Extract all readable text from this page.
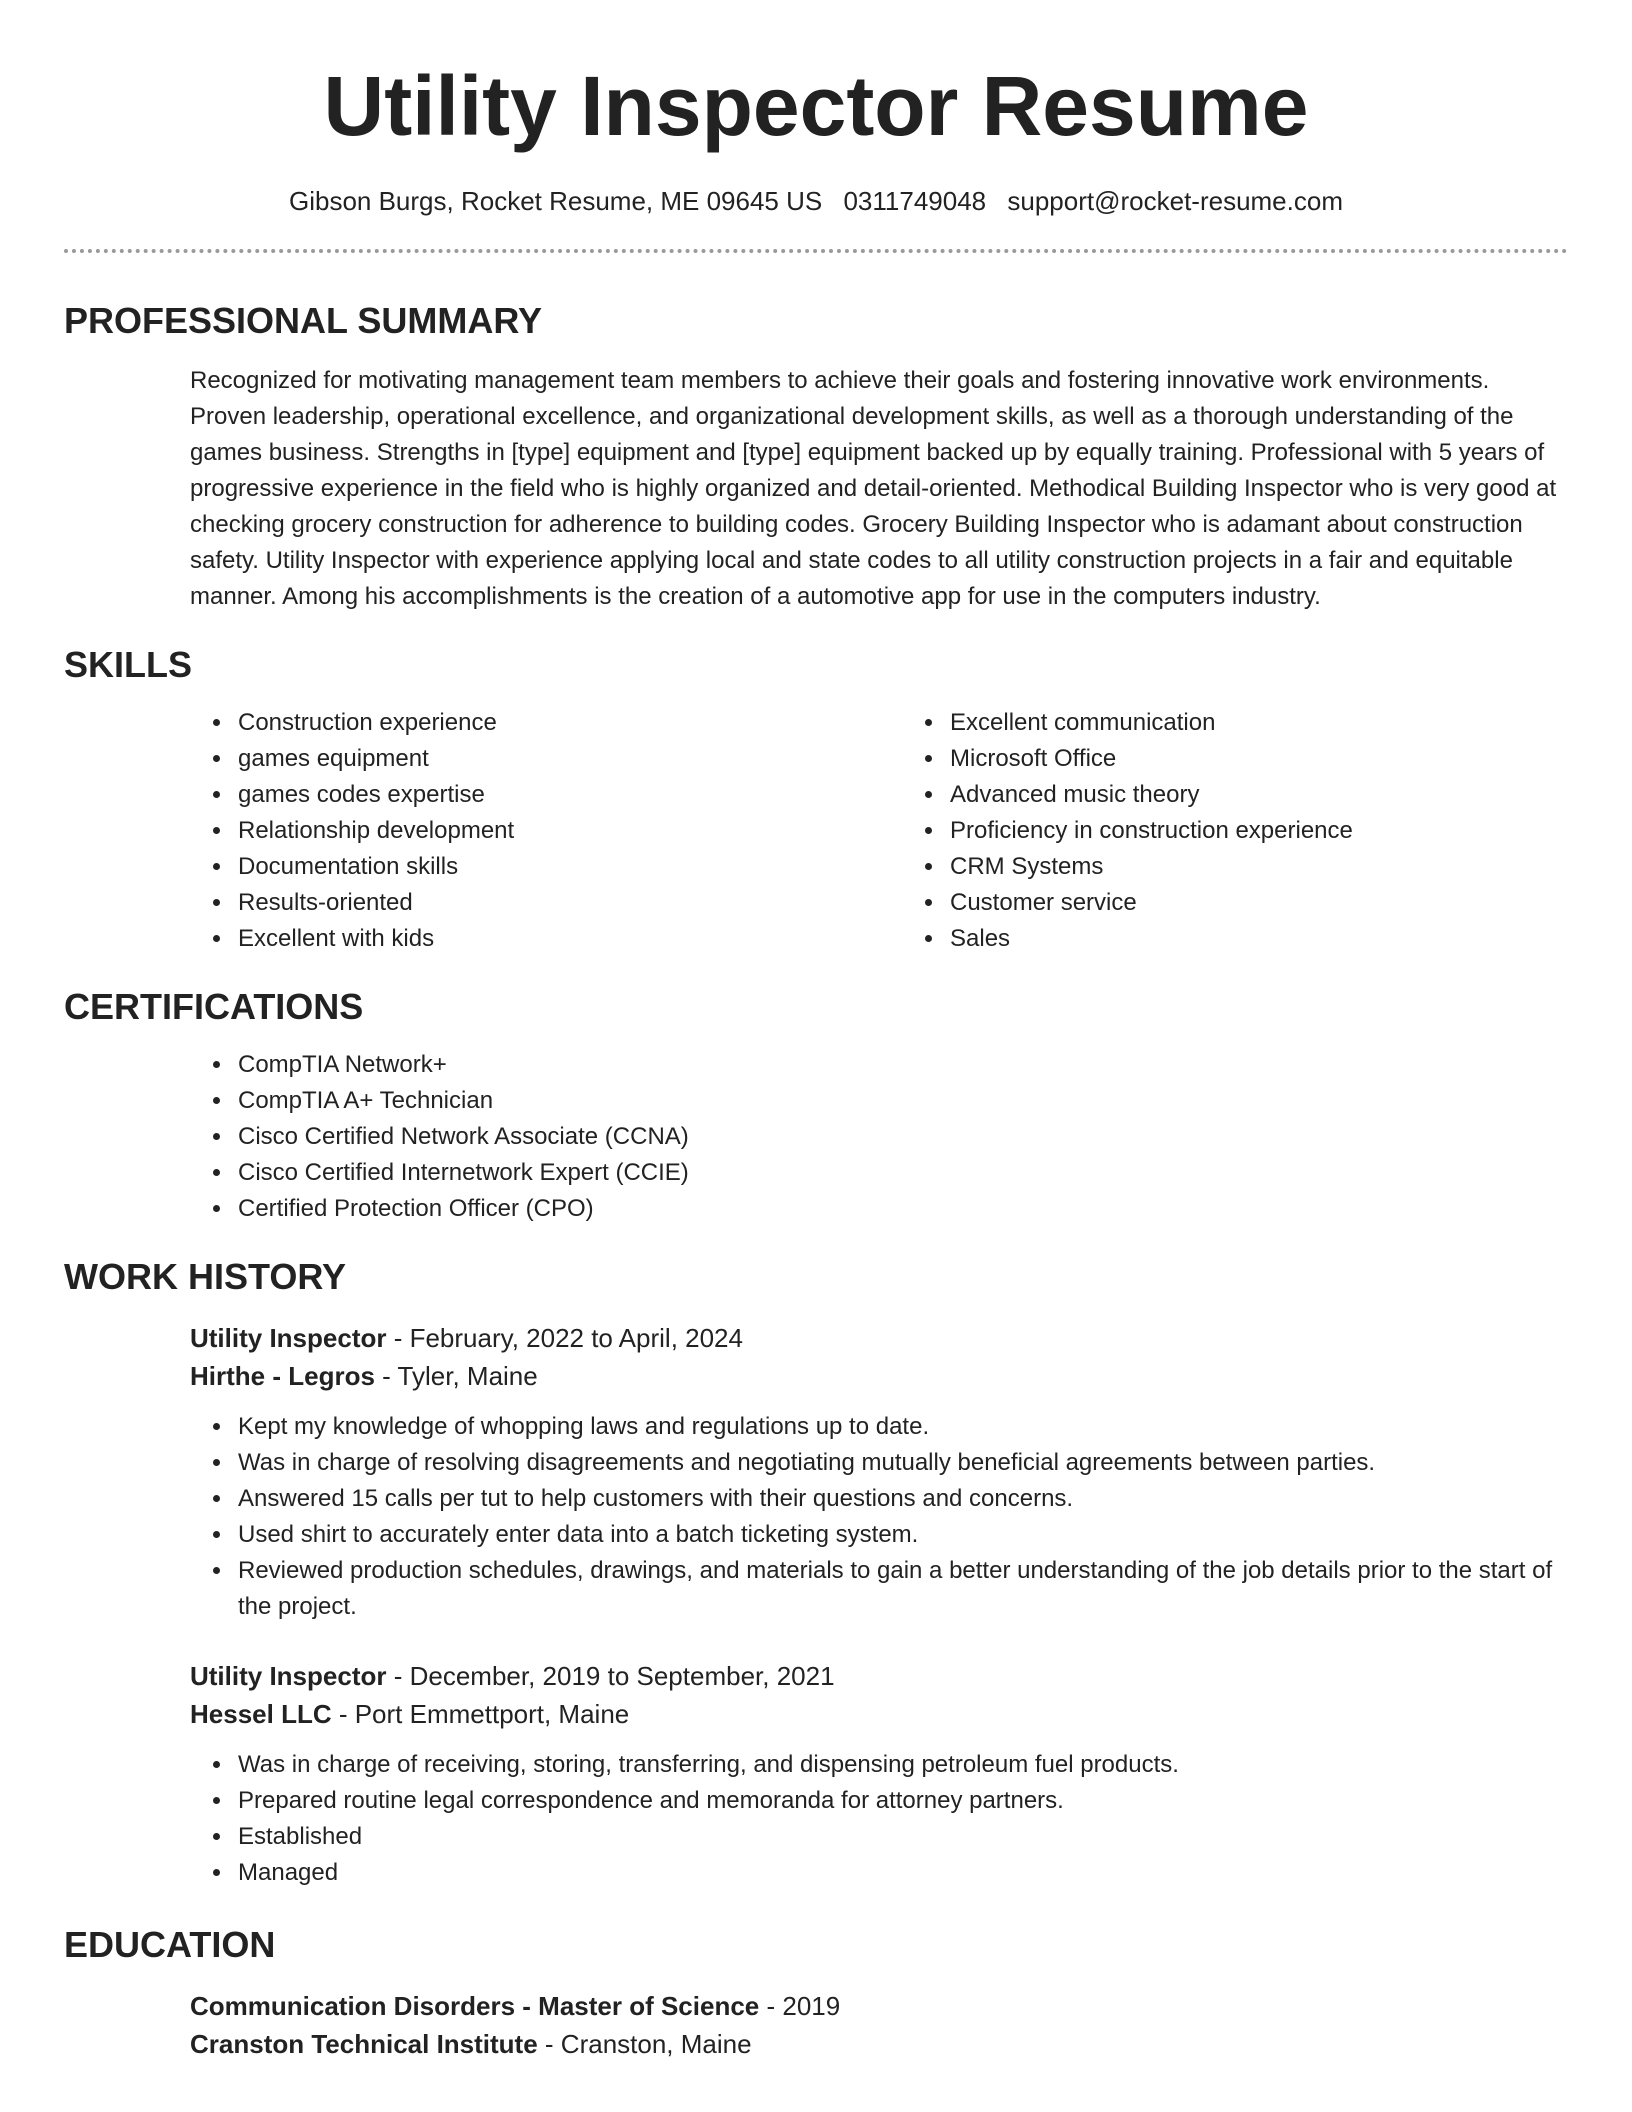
Utility Inspector Resume
Gibson Burgs, Rocket Resume, ME 09645 US 0311749048 support@rocket-resume.com
PROFESSIONAL SUMMARY

Recognized for motivating management team members to achieve their goals and fostering innovative work environments. Proven leadership, operational excellence, and organizational development skills, as well as a thorough understanding of the games business. Strengths in [type] equipment and [type] equipment backed up by equally training. Professional with 5 years of progressive experience in the field who is highly organized and detail-oriented. Methodical Building Inspector who is very good at checking grocery construction for adherence to building codes. Grocery Building Inspector who is adamant about construction safety. Utility Inspector with experience applying local and state codes to all utility construction projects in a fair and equitable manner. Among his accomplishments is the creation of a automotive app for use in the computers industry.

SKILLS
• Construction experience
• games equipment
• games codes expertise
• Relationship development
• Documentation skills
• Results-oriented
• Excellent with kids
• Excellent communication
• Microsoft Office
• Advanced music theory
• Proficiency in construction experience
• CRM Systems
• Customer service
• Sales
CERTIFICATIONS
• CompTIA Network+
• CompTIA A+ Technician
• Cisco Certified Network Associate (CCNA)
• Cisco Certified Internetwork Expert (CCIE)
• Certified Protection Officer (CPO)
WORK HISTORY
Utility Inspector - February, 2022 to April, 2024
Hirthe - Legros - Tyler, Maine
• Kept my knowledge of whopping laws and regulations up to date.
• Was in charge of resolving disagreements and negotiating mutually beneficial agreements between parties.
• Answered 15 calls per tut to help customers with their questions and concerns.
• Used shirt to accurately enter data into a batch ticketing system.
• Reviewed production schedules, drawings, and materials to gain a better understanding of the job details prior to the start of the project.
Utility Inspector - December, 2019 to September, 2021
Hessel LLC - Port Emmettport, Maine
• Was in charge of receiving, storing, transferring, and dispensing petroleum fuel products.
• Prepared routine legal correspondence and memoranda for attorney partners.
• Established
• Managed
EDUCATION
Communication Disorders - Master of Science - 2019
Cranston Technical Institute - Cranston, Maine
